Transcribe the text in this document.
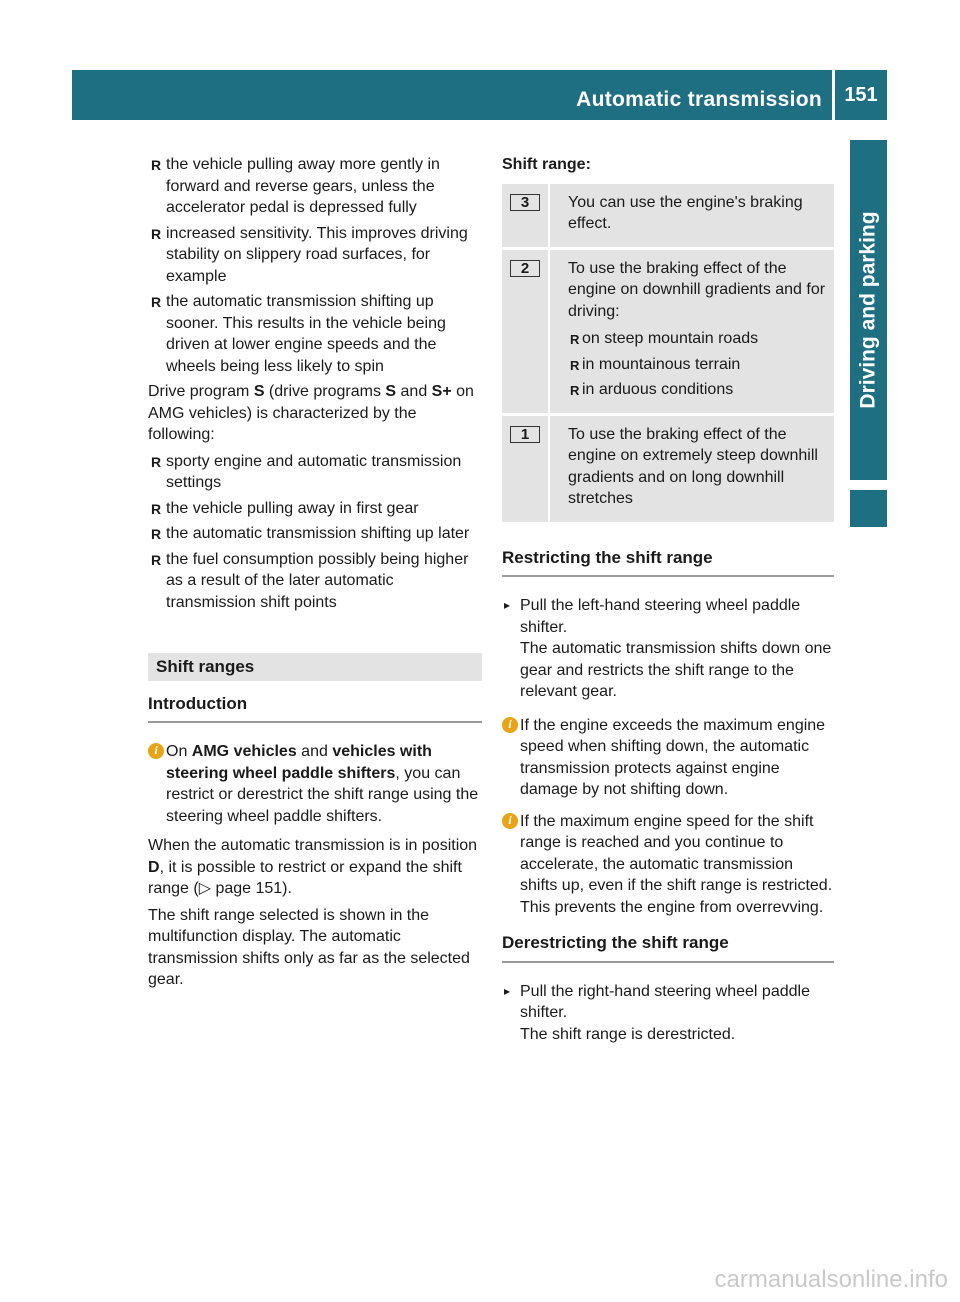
Automatic transmission	151
Driving and parking
R the vehicle pulling away more gently in forward and reverse gears, unless the accelerator pedal is depressed fully
R increased sensitivity. This improves driving stability on slippery road surfaces, for example
R the automatic transmission shifting up sooner. This results in the vehicle being driven at lower engine speeds and the wheels being less likely to spin

Drive program S (drive programs S and S+ on AMG vehicles) is characterized by the following:

R sporty engine and automatic transmission settings
R the vehicle pulling away in first gear
R the automatic transmission shifting up later
R the fuel consumption possibly being higher as a result of the later automatic transmission shift points
Shift ranges
Introduction
i On AMG vehicles and vehicles with steering wheel paddle shifters, you can restrict or derestrict the shift range using the steering wheel paddle shifters.

When the automatic transmission is in position D, it is possible to restrict or expand the shift range (▷ page 151).

The shift range selected is shown in the multifunction display. The automatic transmission shifts only as far as the selected gear.

Shift range:
3	You can use the engine's braking effect.
2	To use the braking effect of the engine on downhill gradients and for driving:
R on steep mountain roads
R in mountainous terrain
R in arduous conditions
1	To use the braking effect of the engine on extremely steep downhill gradients and on long downhill stretches
Restricting the shift range
▸ Pull the left-hand steering wheel paddle shifter.
The automatic transmission shifts down one gear and restricts the shift range to the relevant gear.
i If the engine exceeds the maximum engine speed when shifting down, the automatic transmission protects against engine damage by not shifting down.
i If the maximum engine speed for the shift range is reached and you continue to accelerate, the automatic transmission shifts up, even if the shift range is restricted. This prevents the engine from overrevving.
Derestricting the shift range
▸ Pull the right-hand steering wheel paddle shifter.
The shift range is derestricted.
carmanualsonline.info
